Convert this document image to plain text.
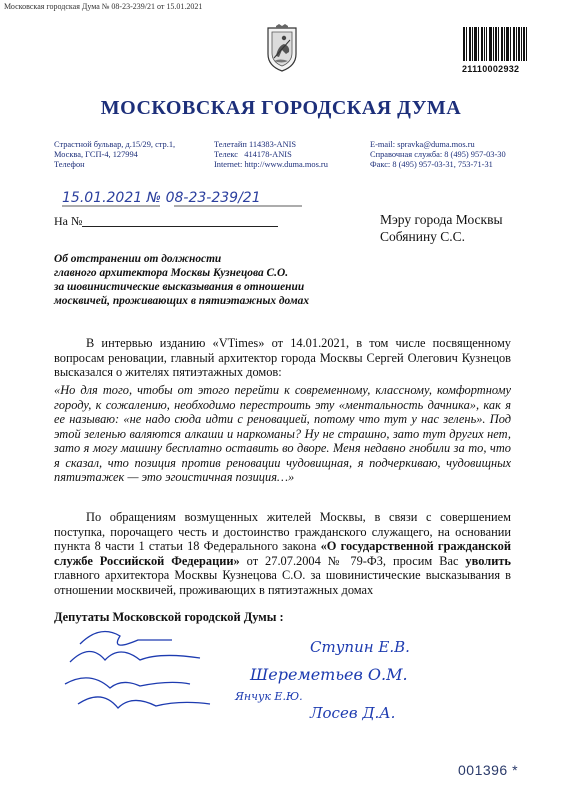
Московская городская Дума № 08-23-239/21 от 15.01.2021
21110002932
МОСКОВСКАЯ ГОРОДСКАЯ ДУМА
Страстной бульвар, д.15/29, стр.1,
Москва, ГСП-4, 127994
Телефон
Телетайп 114383-ANIS
Телекс   414178-ANIS
Internet: http://www.duma.mos.ru
E-mail: spravka@duma.mos.ru
Справочная служба: 8 (495) 957-03-30
Факс: 8 (495) 957-03-31, 753-71-31
15.01.2021 № 08-23-239/21
На №	Мэру города Москвы
Собянину С.С.
Об отстранении от должности
главного архитектора Москвы Кузнецова С.О.
за шовинистические высказывания в отношении
москвичей, проживающих в пятиэтажных домах
В интервью изданию «VTimes» от 14.01.2021, в том числе посвященному вопросам реновации, главный архитектор города Москвы Сергей Олегович Кузнецов высказался о жителях пятиэтажных домов:
«Но для того, чтобы от этого перейти к современному, классному, комфортному городу, к сожалению, необходимо перестроить эту «ментальность дачника», как я ее называю: «не надо сюда идти с реновацией, потому что тут у нас зелень». Под этой зеленью валяются алкаши и наркоманы? Ну не страшно, зато тут других нет, зато я могу машину бесплатно оставить во дворе. Меня недавно гнобили за то, что я сказал, что позиция против реновации чудовищная, я подчеркиваю, чудовищных пятиэтажек — это эгоистичная позиция…»
По обращениям возмущенных жителей Москвы, в связи с совершением поступка, порочащего честь и достоинство гражданского служащего, на основании пункта 8 части 1 статьи 18 Федерального закона «О государственной гражданской службе Российской Федерации» от 27.07.2004 № 79-ФЗ, просим Вас уволить главного архитектора Москвы Кузнецова С.О. за шовинистические высказывания в отношении москвичей, проживающих в пятиэтажных домах
Депутаты Московской городской Думы :
Ступин Е.В.
Шереметьев О.М.
Янчук Е.Ю.
Лосев Д.А.
001396 *
